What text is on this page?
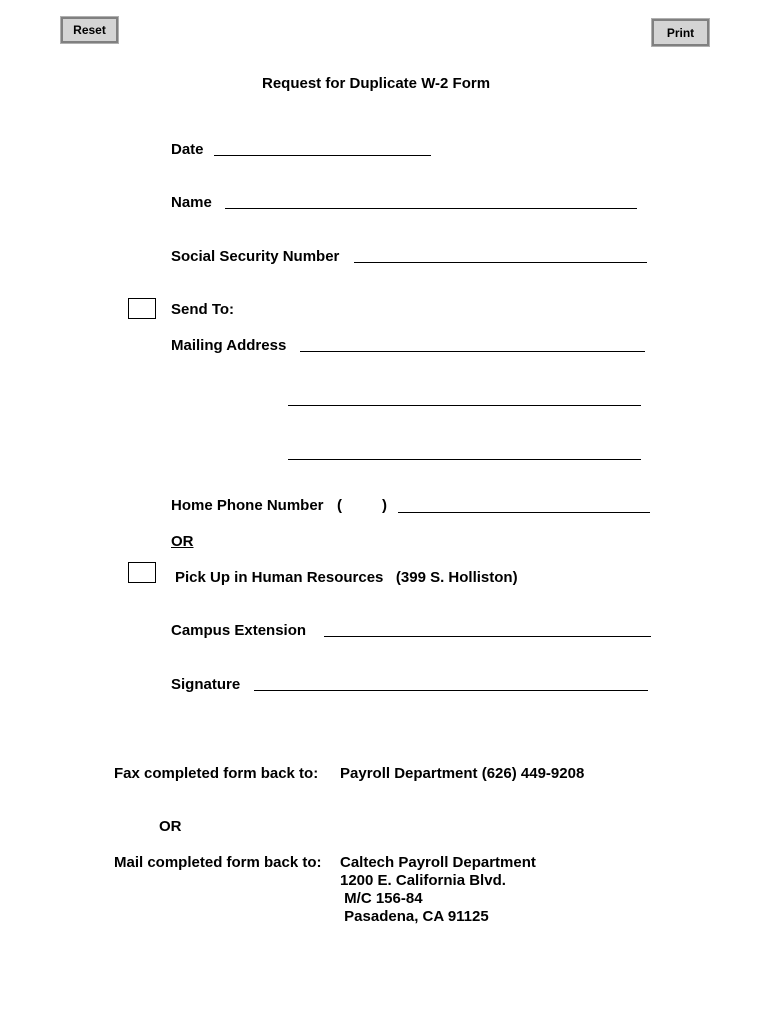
Reset	Print
Request for Duplicate W-2 Form
Date
Name
Social Security Number
Send To:
Mailing Address
Home Phone Number (	)
OR
Pick Up in Human Resources   (399 S. Holliston)
Campus Extension
Signature
Fax completed form back to: Payroll Department (626) 449-9208
OR
Mail completed form back to: Caltech Payroll Department
1200 E. California Blvd.
M/C 156-84
Pasadena, CA 91125
